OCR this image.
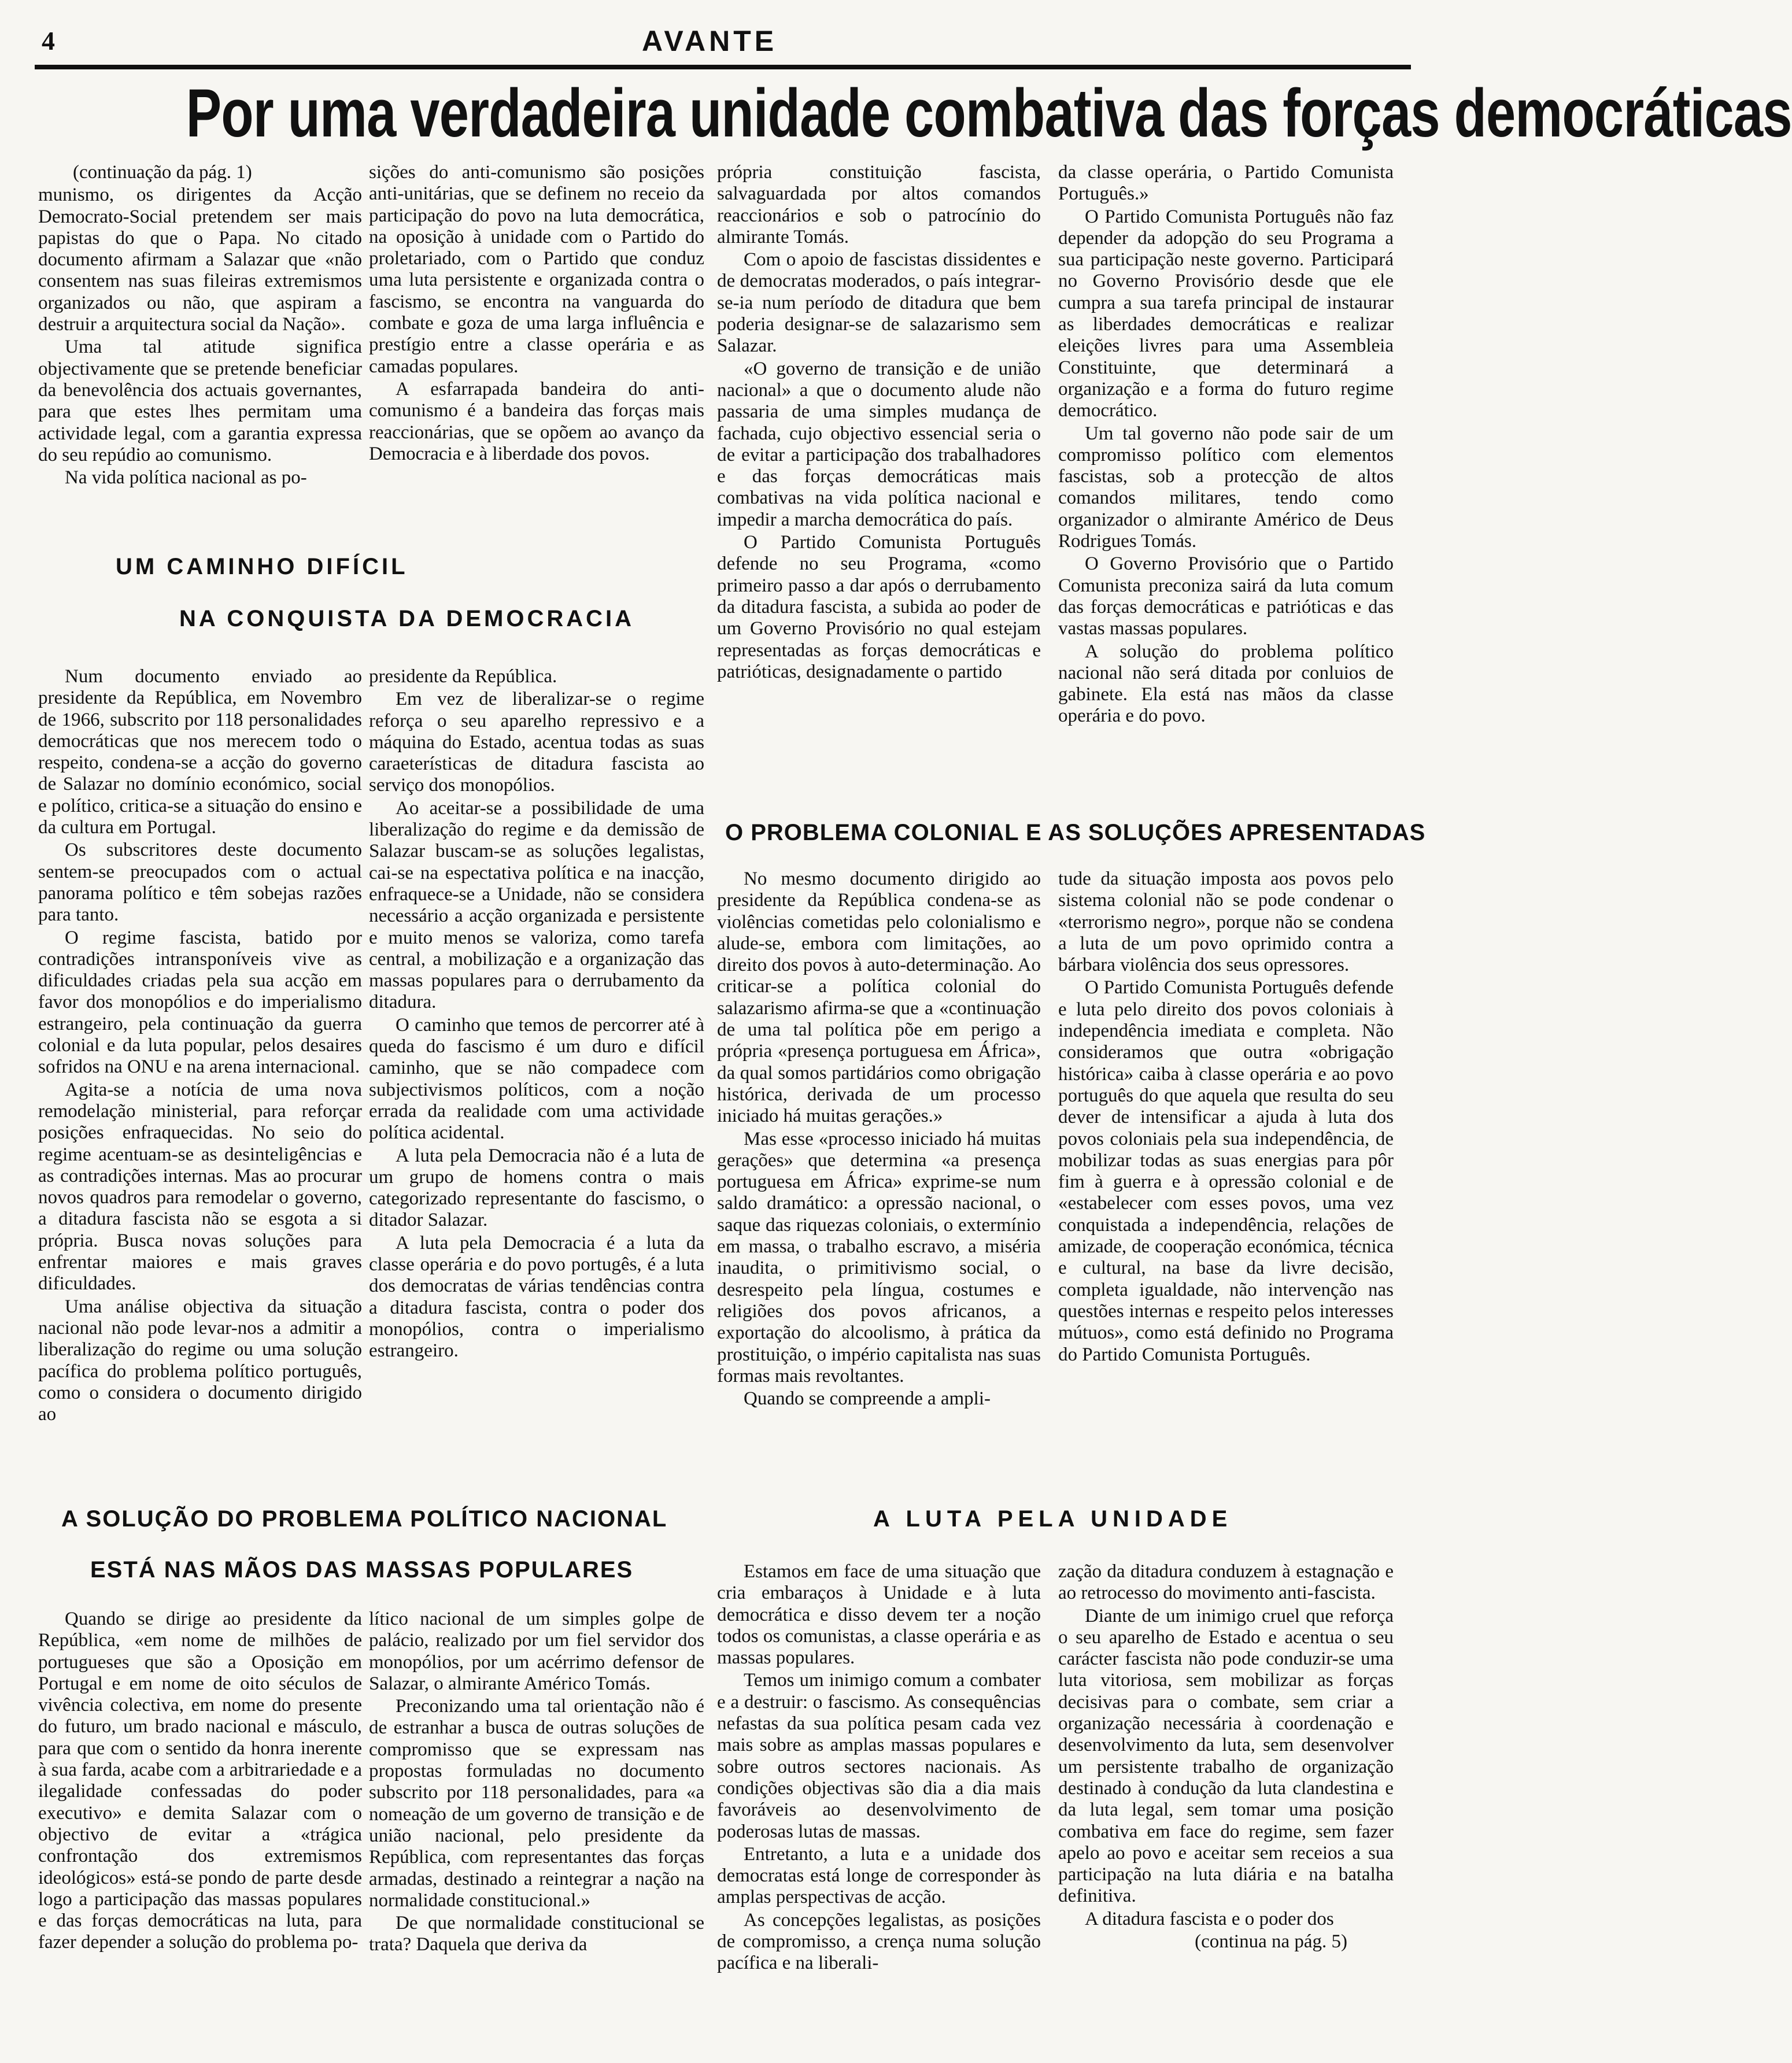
4	AVANTE
Por uma verdadeira unidade combativa das forças democráticas

(continuação da pág. 1)

munismo, os dirigentes da Acção Democrato-Social pretendem ser mais papistas do que o Papa. No citado documento afirmam a Salazar que «não consentem nas suas fileiras extremismos organizados ou não, que aspiram a destruir a arquitectura social da Nação».

Uma tal atitude significa objectivamente que se pretende beneficiar da benevolência dos actuais governantes, para que estes lhes permitam uma actividade legal, com a garantia expressa do seu repúdio ao comunismo.

Na vida política nacional as po-

sições do anti-comunismo são posições anti-unitárias, que se definem no receio da participação do povo na luta democrática, na oposição à unidade com o Partido do proletariado, com o Partido que conduz uma luta persistente e organizada contra o fascismo, se encontra na vanguarda do combate e goza de uma larga influência e prestígio entre a classe operária e as camadas populares.

A esfarrapada bandeira do anti-comunismo é a bandeira das forças mais reaccionárias, que se opõem ao avanço da Democracia e à liberdade dos povos.

própria constituição fascista, salvaguardada por altos comandos reaccionários e sob o patrocínio do almirante Tomás.

Com o apoio de fascistas dissidentes e de democratas moderados, o país integrar-se-ia num período de ditadura que bem poderia designar-se de salazarismo sem Salazar.

«O governo de transição e de união nacional» a que o documento alude não passaria de uma simples mudança de fachada, cujo objectivo essencial seria o de evitar a participação dos trabalhadores e das forças democráticas mais combativas na vida política nacional e impedir a marcha democrática do país.

O Partido Comunista Português defende no seu Programa, «como primeiro passo a dar após o derrubamento da ditadura fascista, a subida ao poder de um Governo Provisório no qual estejam representadas as forças democráticas e patrióticas, designadamente o partido

da classe operária, o Partido Comunista Português.»

O Partido Comunista Português não faz depender da adopção do seu Programa a sua participação neste governo. Participará no Governo Provisório desde que ele cumpra a sua tarefa principal de instaurar as liberdades democráticas e realizar eleições livres para uma Assembleia Constituinte, que determinará a organização e a forma do futuro regime democrático.

Um tal governo não pode sair de um compromisso político com elementos fascistas, sob a protecção de altos comandos militares, tendo como organizador o almirante Américo de Deus Rodrigues Tomás.

O Governo Provisório que o Partido Comunista preconiza sairá da luta comum das forças democráticas e patrióticas e das vastas massas populares.

A solução do problema político nacional não será ditada por conluios de gabinete. Ela está nas mãos da classe operária e do povo.

UM CAMINHO DIFÍCIL
NA CONQUISTA DA DEMOCRACIA

Num documento enviado ao presidente da República, em Novembro de 1966, subscrito por 118 personalidades democráticas que nos merecem todo o respeito, condena-se a acção do governo de Salazar no domínio económico, social e político, critica-se a situação do ensino e da cultura em Portugal.

Os subscritores deste documento sentem-se preocupados com o actual panorama político e têm sobejas razões para tanto.

O regime fascista, batido por contradições intransponíveis vive as dificuldades criadas pela sua acção em favor dos monopólios e do imperialismo estrangeiro, pela continuação da guerra colonial e da luta popular, pelos desaires sofridos na ONU e na arena internacional.

Agita-se a notícia de uma nova remodelação ministerial, para reforçar posições enfraquecidas. No seio do regime acentuam-se as desinteligências e as contradições internas. Mas ao procurar novos quadros para remodelar o governo, a ditadura fascista não se esgota a si própria. Busca novas soluções para enfrentar maiores e mais graves dificuldades.

Uma análise objectiva da situação nacional não pode levar-nos a admitir a liberalização do regime ou uma solução pacífica do problema político português, como o considera o documento dirigido ao

presidente da República.

Em vez de liberalizar-se o regime reforça o seu aparelho repressivo e a máquina do Estado, acentua todas as suas caraeterísticas de ditadura fascista ao serviço dos monopólios.

Ao aceitar-se a possibilidade de uma liberalização do regime e da demissão de Salazar buscam-se as soluções legalistas, cai-se na espectativa política e na inacção, enfraquece-se a Unidade, não se considera necessário a acção organizada e persistente e muito menos se valoriza, como tarefa central, a mobilização e a organização das massas populares para o derrubamento da ditadura.

O caminho que temos de percorrer até à queda do fascismo é um duro e difícil caminho, que se não compadece com subjectivismos políticos, com a noção errada da realidade com uma actividade política acidental.

A luta pela Democracia não é a luta de um grupo de homens contra o mais categorizado representante do fascismo, o ditador Salazar.

A luta pela Democracia é a luta da classe operária e do povo portugês, é a luta dos democratas de várias tendências contra a ditadura fascista, contra o poder dos monopólios, contra o imperialismo estrangeiro.

O PROBLEMA COLONIAL E AS SOLUÇÕES APRESENTADAS

No mesmo documento dirigido ao presidente da República condena-se as violências cometidas pelo colonialismo e alude-se, embora com limitações, ao direito dos povos à auto-determinação. Ao criticar-se a política colonial do salazarismo afirma-se que a «continuação de uma tal política põe em perigo a própria «presença portuguesa em África», da qual somos partidários como obrigação histórica, derivada de um processo iniciado há muitas gerações.»

Mas esse «processo iniciado há muitas gerações» que determina «a presença portuguesa em África» exprime-se num saldo dramático: a opressão nacional, o saque das riquezas coloniais, o extermínio em massa, o trabalho escravo, a miséria inaudita, o primitivismo social, o desrespeito pela língua, costumes e religiões dos povos africanos, a exportação do alcoolismo, à prática da prostituição, o império capitalista nas suas formas mais revoltantes.

Quando se compreende a ampli-

tude da situação imposta aos povos pelo sistema colonial não se pode condenar o «terrorismo negro», porque não se condena a luta de um povo oprimido contra a bárbara violência dos seus opressores.

O Partido Comunista Português defende e luta pelo direito dos povos coloniais à independência imediata e completa. Não consideramos que outra «obrigação histórica» caiba à classe operária e ao povo português do que aquela que resulta do seu dever de intensificar a ajuda à luta dos povos coloniais pela sua independência, de mobilizar todas as suas energias para pôr fim à guerra e à opressão colonial e de «estabelecer com esses povos, uma vez conquistada a independência, relações de amizade, de cooperação económica, técnica e cultural, na base da livre decisão, completa igualdade, não intervenção nas questões internas e respeito pelos interesses mútuos», como está definido no Programa do Partido Comunista Português.

A SOLUÇÃO DO PROBLEMA POLÍTICO NACIONAL
ESTÁ NAS MÃOS DAS MASSAS POPULARES

Quando se dirige ao presidente da República, «em nome de milhões de portugueses que são a Oposição em Portugal e em nome de oito séculos de vivência colectiva, em nome do presente do futuro, um brado nacional e másculo, para que com o sentido da honra inerente à sua farda, acabe com a arbitrariedade e a ilegalidade confessadas do poder executivo» e demita Salazar com o objectivo de evitar a «trágica confrontação dos extremismos ideológicos» está-se pondo de parte desde logo a participação das massas populares e das forças democráticas na luta, para fazer depender a solução do problema po-

lítico nacional de um simples golpe de palácio, realizado por um fiel servidor dos monopólios, por um acérrimo defensor de Salazar, o almirante Américo Tomás.

Preconizando uma tal orientação não é de estranhar a busca de outras soluções de compromisso que se expressam nas propostas formuladas no documento subscrito por 118 personalidades, para «a nomeação de um governo de transição e de união nacional, pelo presidente da República, com representantes das forças armadas, destinado a reintegrar a nação na normalidade constitucional.»

De que normalidade constitucional se trata? Daquela que deriva da

A LUTA PELA UNIDADE

Estamos em face de uma situação que cria embaraços à Unidade e à luta democrática e disso devem ter a noção todos os comunistas, a classe operária e as massas populares.

Temos um inimigo comum a combater e a destruir: o fascismo. As consequências nefastas da sua política pesam cada vez mais sobre as amplas massas populares e sobre outros sectores nacionais. As condições objectivas são dia a dia mais favoráveis ao desenvolvimento de poderosas lutas de massas.

Entretanto, a luta e a unidade dos democratas está longe de corresponder às amplas perspectivas de acção.

As concepções legalistas, as posições de compromisso, a crença numa solução pacífica e na liberali-

zação da ditadura conduzem à estagnação e ao retrocesso do movimento anti-fascista.

Diante de um inimigo cruel que reforça o seu aparelho de Estado e acentua o seu carácter fascista não pode conduzir-se uma luta vitoriosa, sem mobilizar as forças decisivas para o combate, sem criar a organização necessária à coordenação e desenvolvimento da luta, sem desenvolver um persistente trabalho de organização destinado à condução da luta clandestina e da luta legal, sem tomar uma posição combativa em face do regime, sem fazer apelo ao povo e aceitar sem receios a sua participação na luta diária e na batalha definitiva.

A ditadura fascista e o poder dos

(continua na pág. 5)
